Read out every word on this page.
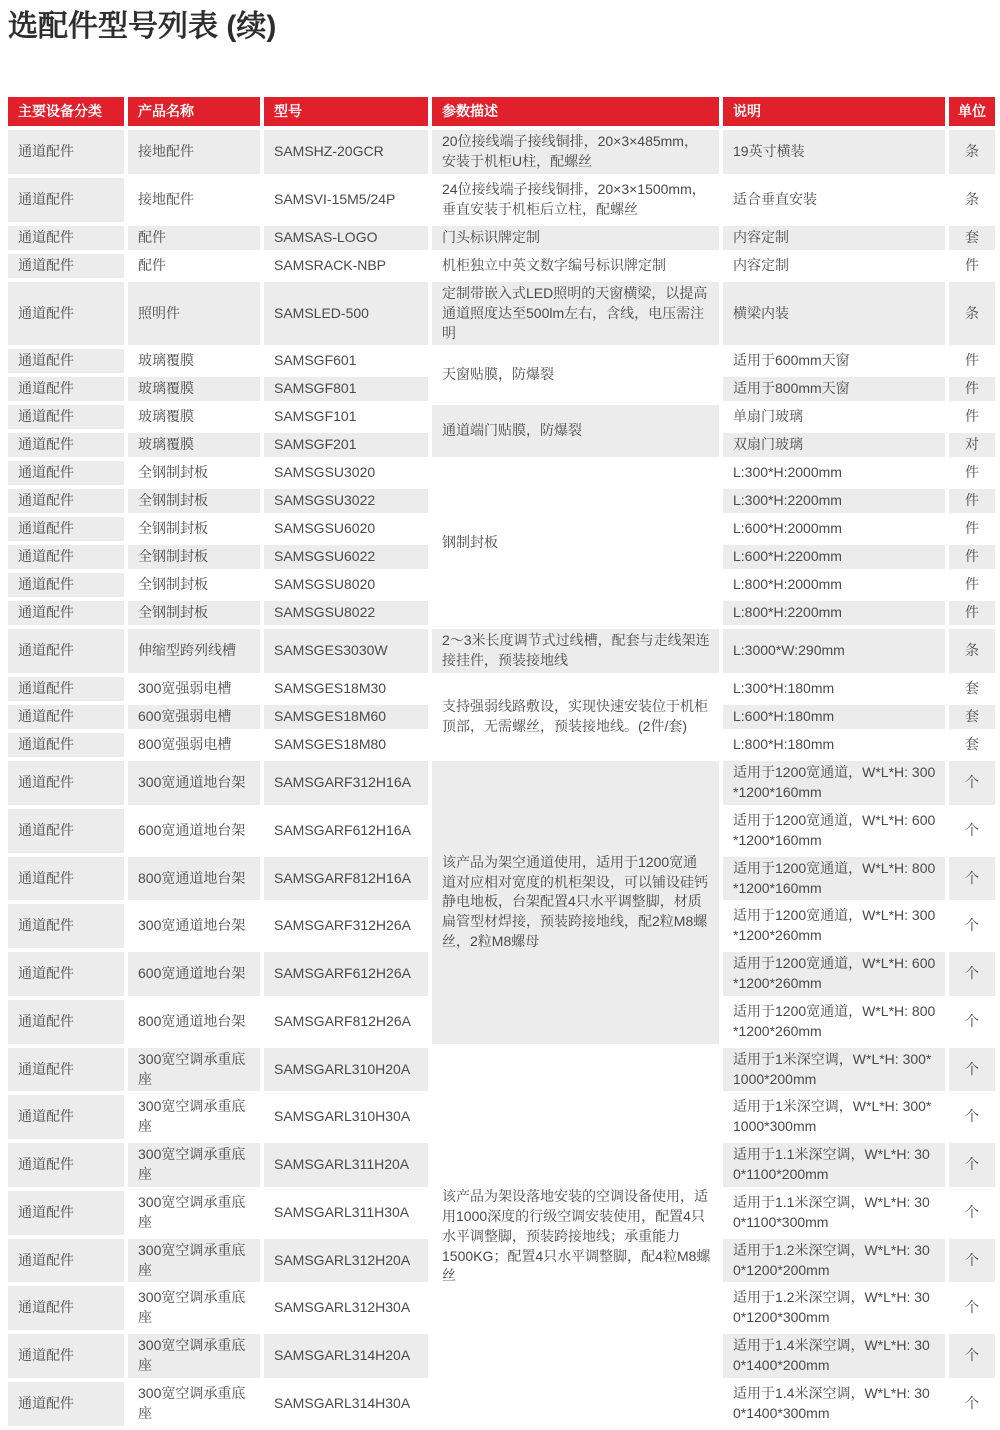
选配件型号列表 (续)
主要设备分类	产品名称	型号	参数描述	说明	单位
通道配件	接地配件	SAMSHZ-20GCR	20位接线端子接线铜排，20×3×485mm，安装于机柜U柱，配螺丝	19英寸横装	条
通道配件	接地配件	SAMSVI-15M5/24P	24位接线端子接线铜排，20×3×1500mm，垂直安装于机柜后立柱，配螺丝	适合垂直安装	条
通道配件	配件	SAMSAS-LOGO	门头标识牌定制	内容定制	套
通道配件	配件	SAMSRACK-NBP	机柜独立中英文数字编号标识牌定制	内容定制	件
通道配件	照明件	SAMSLED-500	定制带嵌入式LED照明的天窗横梁，以提高通道照度达至500lm左右，含线，电压需注明	横梁内装	条
通道配件	玻璃覆膜	SAMSGF601	天窗贴膜，防爆裂	适用于600mm天窗	件
通道配件	玻璃覆膜	SAMSGF801		适用于800mm天窗	件
通道配件	玻璃覆膜	SAMSGF101	通道端门贴膜，防爆裂	单扇门玻璃	件
通道配件	玻璃覆膜	SAMSGF201		双扇门玻璃	对
通道配件	全钢制封板	SAMSGSU3020	钢制封板	L:300*H:2000mm	件
通道配件	全钢制封板	SAMSGSU3022		L:300*H:2200mm	件
通道配件	全钢制封板	SAMSGSU6020		L:600*H:2000mm	件
通道配件	全钢制封板	SAMSGSU6022		L:600*H:2200mm	件
通道配件	全钢制封板	SAMSGSU8020		L:800*H:2000mm	件
通道配件	全钢制封板	SAMSGSU8022		L:800*H:2200mm	件
通道配件	伸缩型跨列线槽	SAMSGES3030W	2～3米长度调节式过线槽，配套与走线架连接挂件，预装接地线	L:3000*W:290mm	条
通道配件	300宽强弱电槽	SAMSGES18M30	支持强弱线路敷设，实现快速安装位于机柜顶部，无需螺丝，预装接地线。(2件/套)	L:300*H:180mm	套
通道配件	600宽强弱电槽	SAMSGES18M60		L:600*H:180mm	套
通道配件	800宽强弱电槽	SAMSGES18M80		L:800*H:180mm	套
通道配件	300宽通道地台架	SAMSGARF312H16A	该产品为架空通道使用，适用于1200宽通道对应相对宽度的机柜架设，可以铺设硅钙静电地板，台架配置4只水平调整脚，材质扁管型材焊接，预装跨接地线，配2粒M8螺丝，2粒M8螺母	适用于1200宽通道，W*L*H: 300*1200*160mm	个
通道配件	600宽通道地台架	SAMSGARF612H16A		适用于1200宽通道，W*L*H: 600*1200*160mm	个
通道配件	800宽通道地台架	SAMSGARF812H16A		适用于1200宽通道，W*L*H: 800*1200*160mm	个
通道配件	300宽通道地台架	SAMSGARF312H26A		适用于1200宽通道，W*L*H: 300*1200*260mm	个
通道配件	600宽通道地台架	SAMSGARF612H26A		适用于1200宽通道，W*L*H: 600*1200*260mm	个
通道配件	800宽通道地台架	SAMSGARF812H26A		适用于1200宽通道，W*L*H: 800*1200*260mm	个
通道配件	300宽空调承重底座	SAMSGARL310H20A	该产品为架设落地安装的空调设备使用，适用1000深度的行级空调安装使用，配置4只水平调整脚，预装跨接地线；承重能力1500KG；配置4只水平调整脚，配4粒M8螺丝	适用于1米深空调，W*L*H: 300*1000*200mm	个
通道配件	300宽空调承重底座	SAMSGARL310H30A		适用于1米深空调，W*L*H: 300*1000*300mm	个
通道配件	300宽空调承重底座	SAMSGARL311H20A		适用于1.1米深空调，W*L*H: 300*1100*200mm	个
通道配件	300宽空调承重底座	SAMSGARL311H30A		适用于1.1米深空调，W*L*H: 300*1100*300mm	个
通道配件	300宽空调承重底座	SAMSGARL312H20A		适用于1.2米深空调，W*L*H: 300*1200*200mm	个
通道配件	300宽空调承重底座	SAMSGARL312H30A		适用于1.2米深空调，W*L*H: 300*1200*300mm	个
通道配件	300宽空调承重底座	SAMSGARL314H20A		适用于1.4米深空调，W*L*H: 300*1400*200mm	个
通道配件	300宽空调承重底座	SAMSGARL314H30A		适用于1.4米深空调，W*L*H: 300*1400*300mm	个
